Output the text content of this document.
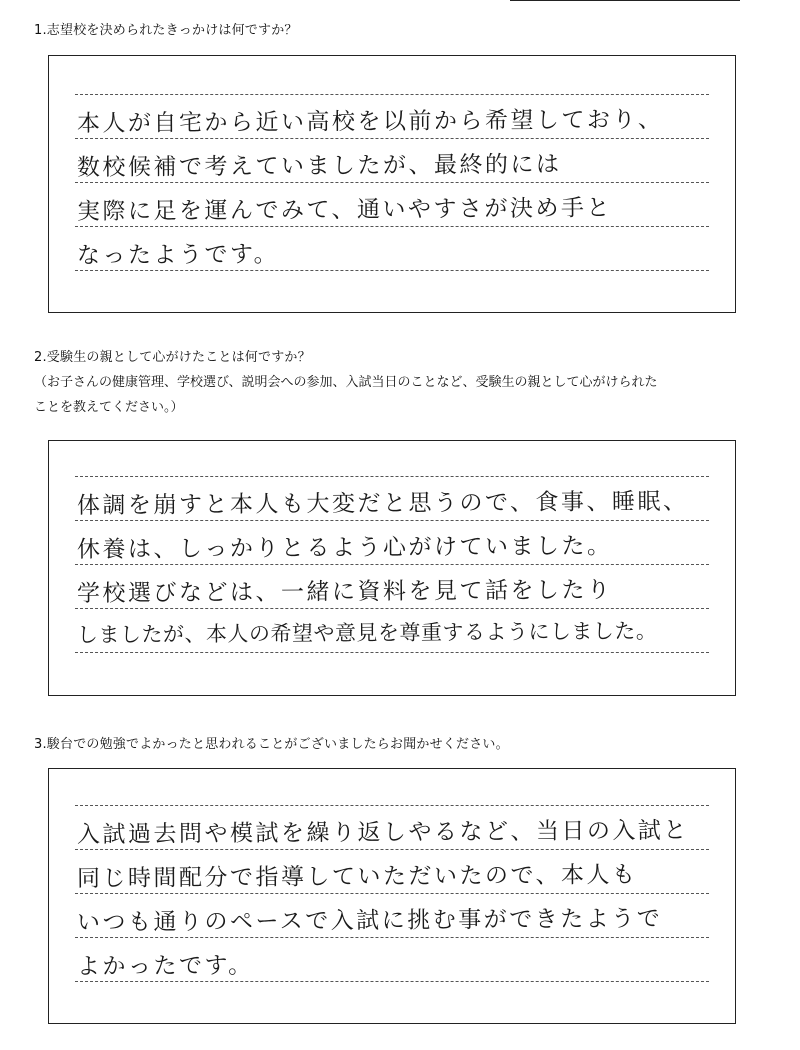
1.志望校を決められたきっかけは何ですか？
本人が自宅から近い高校を以前から希望しており、
数校候補で考えていましたが、最終的には
実際に足を運んでみて、通いやすさが決め手と
なったようです。
2.受験生の親として心がけたことは何ですか？
（お子さんの健康管理、学校選び、説明会への参加、入試当日のことなど、受験生の親として心がけられた
ことを教えてください。）
体調を崩すと本人も大変だと思うので、食事、睡眠、
休養は、しっかりとるよう心がけていました。
学校選びなどは、一緒に資料を見て話をしたり
しましたが、本人の希望や意見を尊重するようにしました。
3.駿台での勉強でよかったと思われることがございましたらお聞かせください。
入試過去問や模試を繰り返しやるなど、当日の入試と
同じ時間配分で指導していただいたので、本人も
いつも通りのペースで入試に挑む事ができたようで
よかったです。
